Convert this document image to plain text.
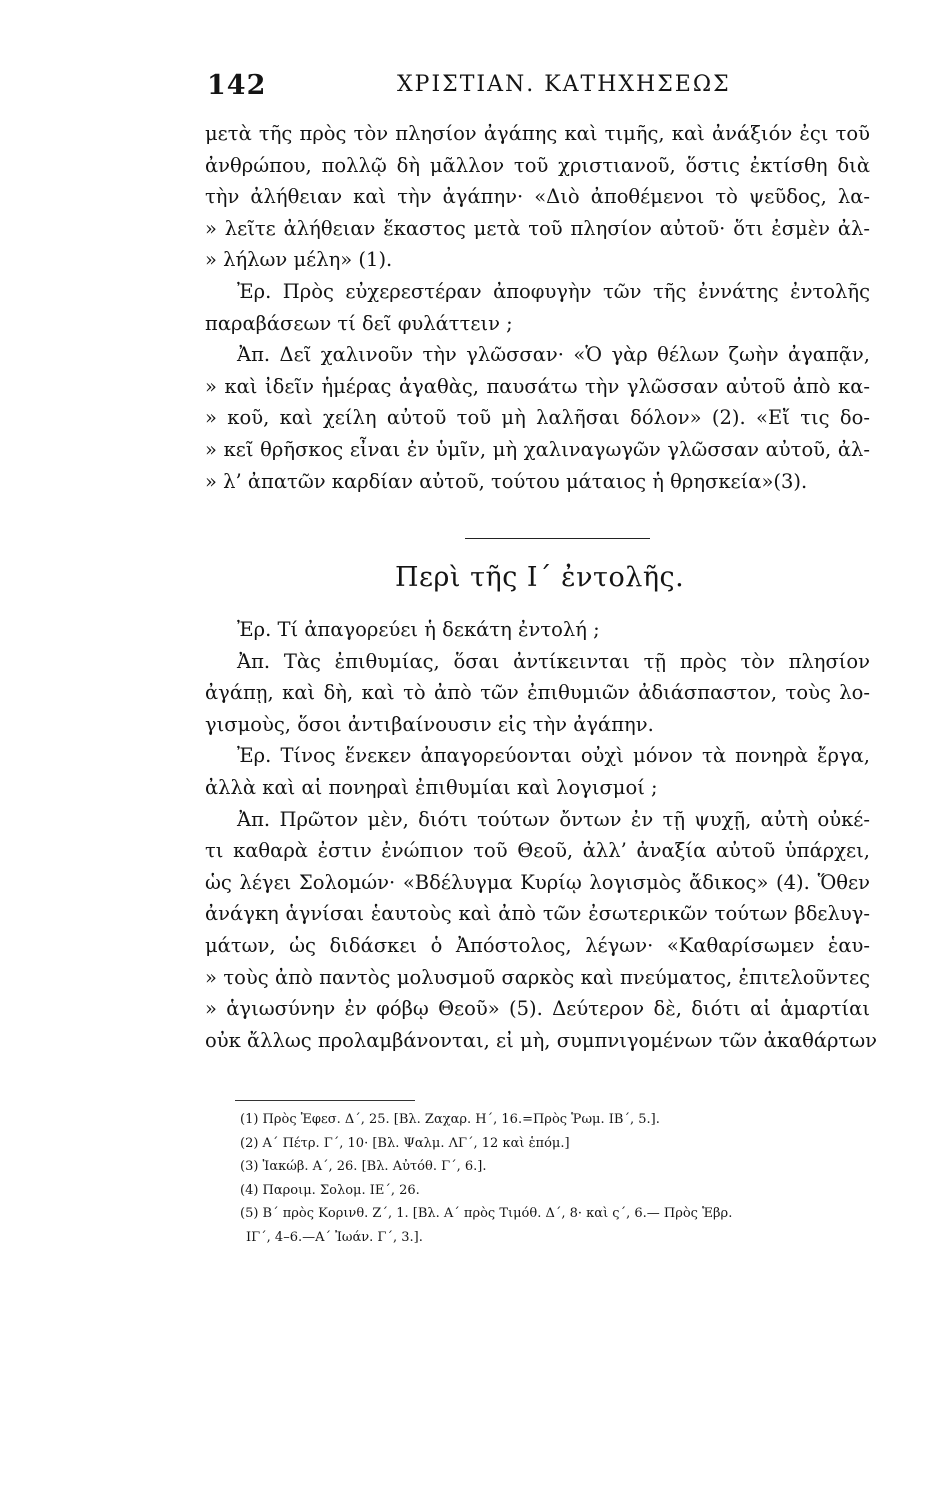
142	ΧΡΙΣΤΙΑΝ. ΚΑΤΗΧΗΣΕΩΣ
μετὰ τῆς πρὸς τὸν πλησίον ἀγάπης καὶ τιμῆς, καὶ ἀνάξιόν ἐςι τοῦ
ἀνθρώπου, πολλῷ δὴ μᾶλλον τοῦ χριστιανοῦ, ὅστις ἐκτίσθη διὰ
τὴν ἀλήθειαν καὶ τὴν ἀγάπην· «Διὸ ἀποθέμενοι τὸ ψεῦδος, λα-
» λεῖτε ἀλήθειαν ἕκαστος μετὰ τοῦ πλησίον αὐτοῦ· ὅτι ἐσμὲν ἀλ-
» λήλων μέλη» (1).
Ἐρ. Πρὸς εὐχερεστέραν ἀποφυγὴν τῶν τῆς ἐννάτης ἐντολῆς
παραβάσεων τί δεῖ φυλάττειν ;
Ἀπ. Δεῖ χαλινοῦν τὴν γλῶσσαν· «Ὁ γὰρ θέλων ζωὴν ἀγαπᾷν,
» καὶ ἰδεῖν ἡμέρας ἀγαθὰς, παυσάτω τὴν γλῶσσαν αὐτοῦ ἀπὸ κα-
» κοῦ, καὶ χείλη αὐτοῦ τοῦ μὴ λαλῆσαι δόλον» (2). «Εἴ τις δο-
» κεῖ θρῆσκος εἶναι ἐν ὑμῖν, μὴ χαλιναγωγῶν γλῶσσαν αὐτοῦ, ἀλ-
» λ’ ἀπατῶν καρδίαν αὐτοῦ, τούτου μάταιος ἡ θρησκεία»(3).
Περὶ τῆς Ι΄ ἐντολῆς.
Ἐρ. Τί ἀπαγορεύει ἡ δεκάτη ἐντολή ;
Ἀπ. Τὰς ἐπιθυμίας, ὅσαι ἀντίκεινται τῇ πρὸς τὸν πλησίον
ἀγάπῃ, καὶ δὴ, καὶ τὸ ἀπὸ τῶν ἐπιθυμιῶν ἀδιάσπαστον, τοὺς λο-
γισμοὺς, ὅσοι ἀντιβαίνουσιν εἰς τὴν ἀγάπην.
Ἐρ. Τίνος ἕνεκεν ἀπαγορεύονται οὐχὶ μόνον τὰ πονηρὰ ἔργα,
ἀλλὰ καὶ αἱ πονηραὶ ἐπιθυμίαι καὶ λογισμοί ;
Ἀπ. Πρῶτον μὲν, διότι τούτων ὄντων ἐν τῇ ψυχῇ, αὐτὴ οὐκέ-
τι καθαρὰ ἐστιν ἐνώπιον τοῦ Θεοῦ, ἀλλ’ ἀναξία αὐτοῦ ὑπάρχει,
ὡς λέγει Σολομών· «Βδέλυγμα Κυρίῳ λογισμὸς ἄδικος» (4). Ὅθεν
ἀνάγκη ἁγνίσαι ἑαυτοὺς καὶ ἀπὸ τῶν ἐσωτερικῶν τούτων βδελυγ-
μάτων, ὡς διδάσκει ὁ Ἀπόστολος, λέγων· «Καθαρίσωμεν ἑαυ-
» τοὺς ἀπὸ παντὸς μολυσμοῦ σαρκὸς καὶ πνεύματος, ἐπιτελοῦντες
» ἁγιωσύνην ἐν φόβῳ Θεοῦ» (5). Δεύτερον δὲ, διότι αἱ ἁμαρτίαι
οὐκ ἄλλως προλαμβάνονται, εἰ μὴ, συμπνιγομένων τῶν ἀκαθάρτων
(1) Πρὸς Ἐφεσ. Δ΄, 25. [Βλ. Ζαχαρ. Η΄, 16.=Πρὸς Ῥωμ. ΙΒ΄, 5.].
(2) Α΄ Πέτρ. Γ΄, 10· [Βλ. Ψαλμ. ΛΓ΄, 12 καὶ ἑπόμ.]
(3) Ἰακώβ. Α΄, 26. [Βλ. Αὐτόθ. Γ΄, 6.].
(4) Παροιμ. Σολομ. ΙΕ΄, 26.
(5) Β΄ πρὸς Κορινθ. Ζ΄, 1. [Βλ. Α΄ πρὸς Τιμόθ. Δ΄, 8· καὶ ς΄, 6.— Πρὸς Ἑβρ.
ΙΓ΄, 4–6.—Α΄ Ἰωάν. Γ΄, 3.].
